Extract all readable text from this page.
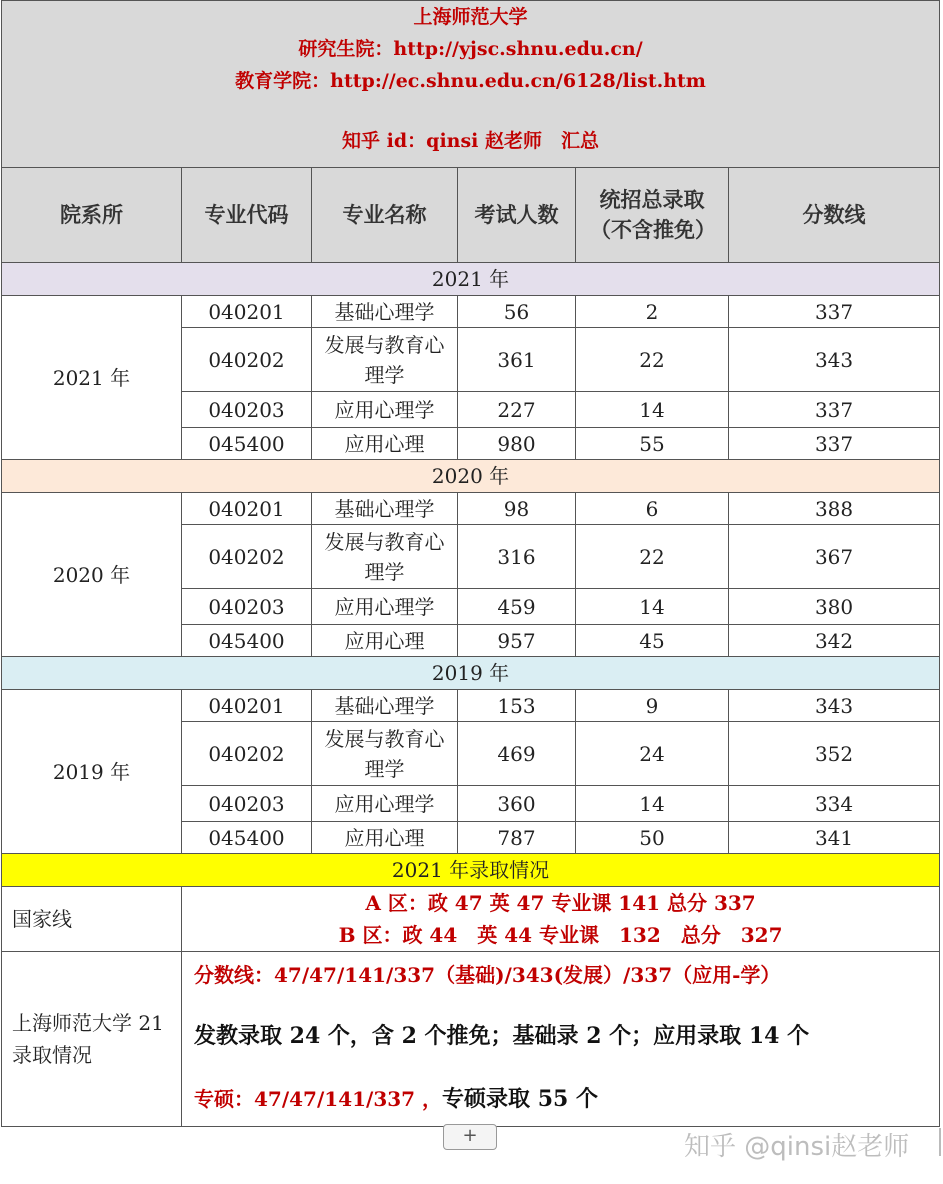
上海师范大学
研究生院：http://yjsc.shnu.edu.cn/
教育学院：http://ec.shnu.edu.cn/6128/list.htm
知乎 id：qinsi 赵老师　汇总					

院系所	专业代码	专业名称	考试人数	统招总录取（不含推免）	分数线
2021 年					
2021 年	040201	基础心理学	56	2	337
	040202	发展与教育心理学	361	22	343
	040203	应用心理学	227	14	337
	045400	应用心理	980	55	337
2020 年					
2020 年	040201	基础心理学	98	6	388
	040202	发展与教育心理学	316	22	367
	040203	应用心理学	459	14	380
	045400	应用心理	957	45	342
2019 年					
2019 年	040201	基础心理学	153	9	343
	040202	发展与教育心理学	469	24	352
	040203	应用心理学	360	14	334
	045400	应用心理	787	50	341
2021 年录取情况					
国家线	A 区：政 47 英 47 专业课 141 总分 337
B 区：政 44　英 44 专业课　132　总分　327				

上海师范大学 21 录取情况	分数线：47/47/141/337（基础)/343(发展）/337（应用-学）
发教录取 24 个，含 2 个推免；基础录 2 个；应用录取 14 个
专硕：47/47/141/337 ，专硕录取 55 个				
+	知乎 @qinsi赵老师
